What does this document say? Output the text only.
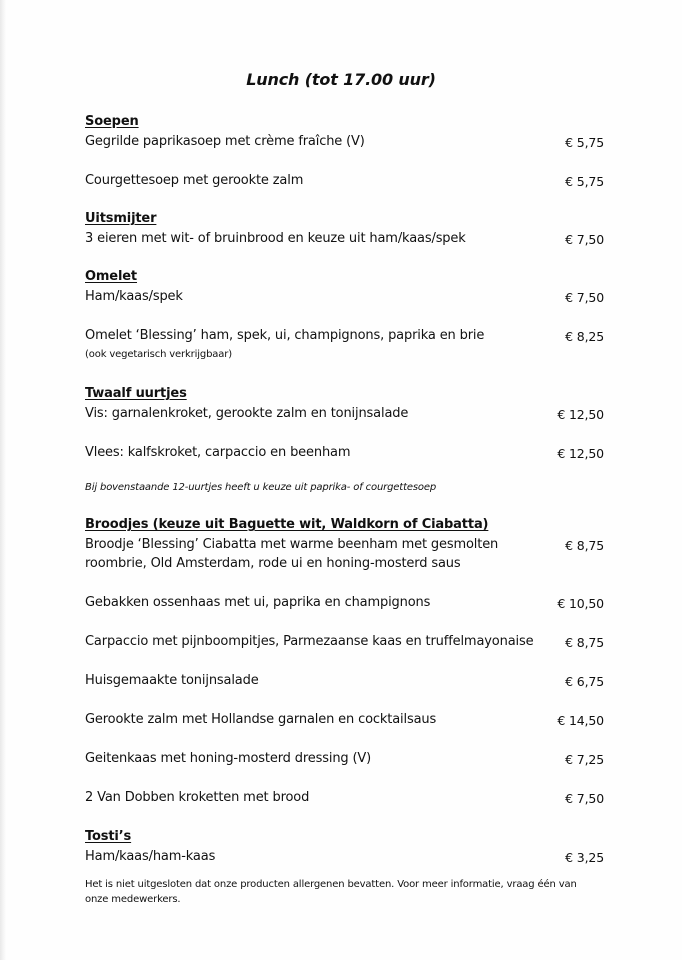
Lunch (tot 17.00 uur)
Soepen
Gegrilde paprikasoep met crème fraîche (V)	€ 5,75
Courgettesoep met gerookte zalm	€ 5,75
Uitsmijter
3 eieren met wit- of bruinbrood en keuze uit ham/kaas/spek	€ 7,50
Omelet
Ham/kaas/spek	€ 7,50
Omelet ‘Blessing’ ham, spek, ui, champignons, paprika en brie	€ 8,25
(ook vegetarisch verkrijgbaar)
Twaalf uurtjes
Vis: garnalenkroket, gerookte zalm en tonijnsalade	€ 12,50
Vlees: kalfskroket, carpaccio en beenham	€ 12,50
Bij bovenstaande 12-uurtjes heeft u keuze uit paprika- of courgettesoep
Broodjes (keuze uit Baguette wit, Waldkorn of Ciabatta)
Broodje ‘Blessing’ Ciabatta met warme beenham met gesmolten	€ 8,75
roombrie, Old Amsterdam, rode ui en honing-mosterd saus
Gebakken ossenhaas met ui, paprika en champignons	€ 10,50
Carpaccio met pijnboompitjes, Parmezaanse kaas en truffelmayonaise	€ 8,75
Huisgemaakte tonijnsalade	€ 6,75
Gerookte zalm met Hollandse garnalen en cocktailsaus	€ 14,50
Geitenkaas met honing-mosterd dressing (V)	€ 7,25
2 Van Dobben kroketten met brood	€ 7,50
Tosti’s
Ham/kaas/ham-kaas	€ 3,25
Het is niet uitgesloten dat onze producten allergenen bevatten. Voor meer informatie, vraag één van onze medewerkers.
